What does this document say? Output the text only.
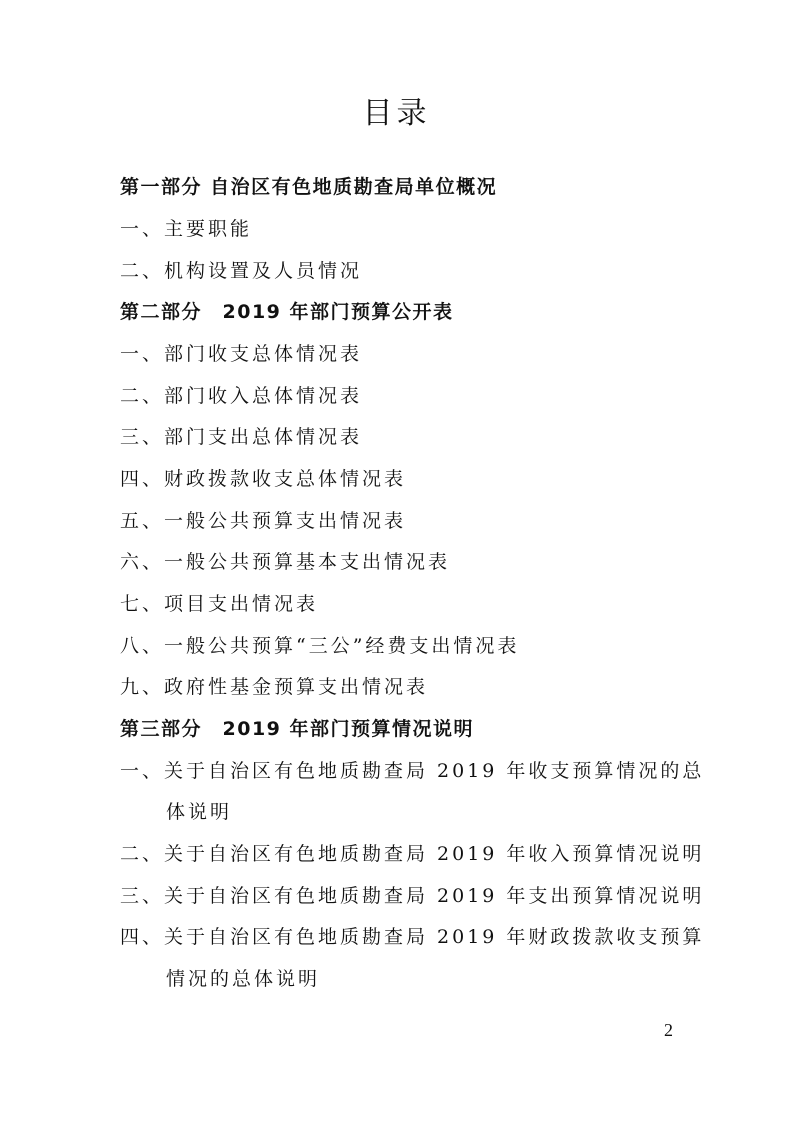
目录
第一部分 自治区有色地质勘查局单位概况
一、主要职能
二、机构设置及人员情况
第二部分　2019 年部门预算公开表
一、部门收支总体情况表
二、部门收入总体情况表
三、部门支出总体情况表
四、财政拨款收支总体情况表
五、一般公共预算支出情况表
六、一般公共预算基本支出情况表
七、项目支出情况表
八、一般公共预算“三公”经费支出情况表
九、政府性基金预算支出情况表
第三部分　2019 年部门预算情况说明
一、关于自治区有色地质勘查局 2019 年收支预算情况的总
体说明
二、关于自治区有色地质勘查局 2019 年收入预算情况说明
三、关于自治区有色地质勘查局 2019 年支出预算情况说明
四、关于自治区有色地质勘查局 2019 年财政拨款收支预算
情况的总体说明
2
